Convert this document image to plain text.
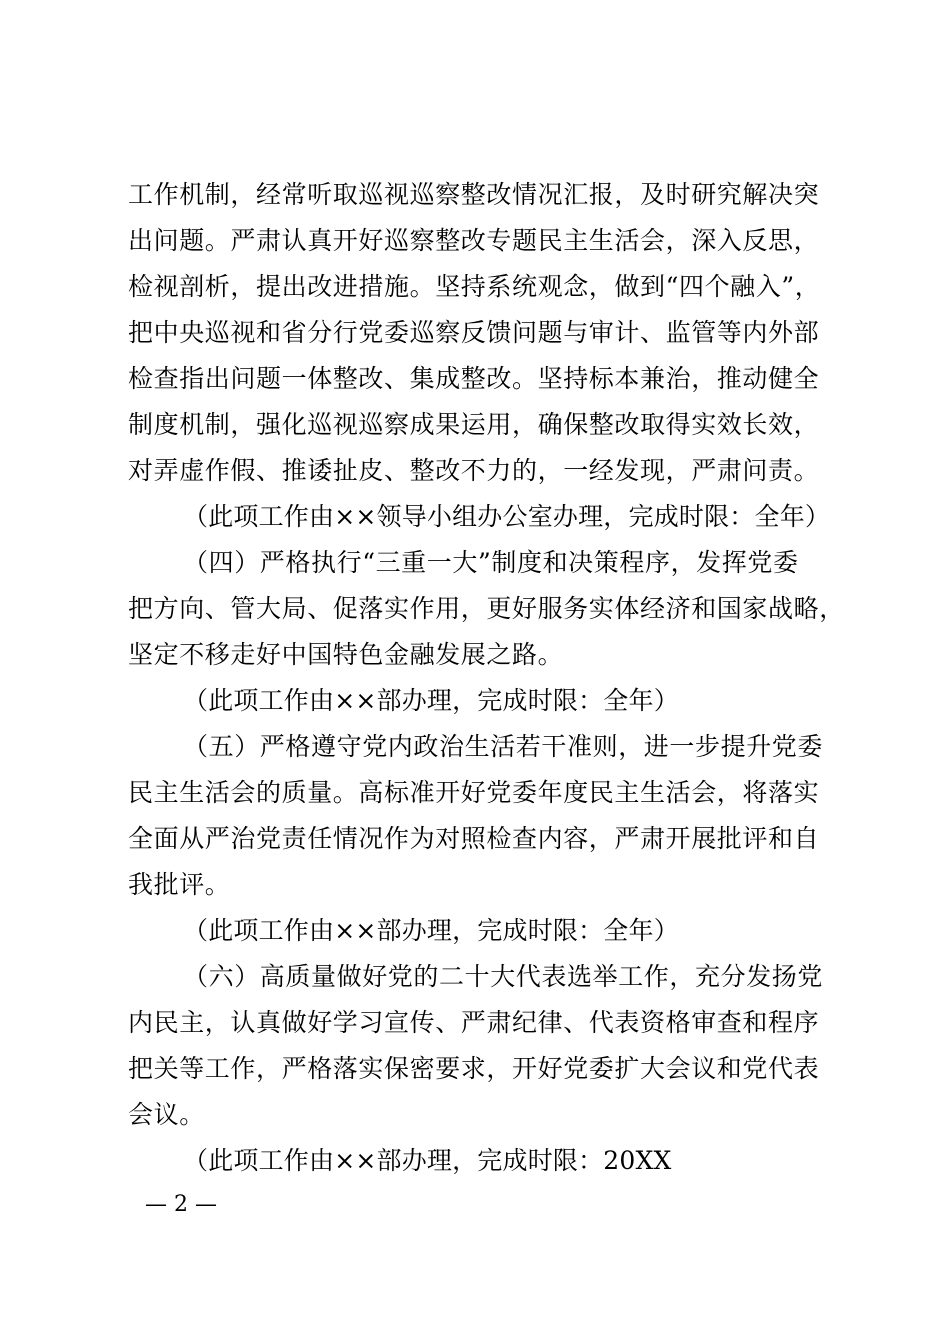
工作机制，经常听取巡视巡察整改情况汇报，及时研究解决突
出问题。严肃认真开好巡察整改专题民主生活会，深入反思，
检视剖析，提出改进措施。坚持系统观念，做到“四个融入”，
把中央巡视和省分行党委巡察反馈问题与审计、监管等内外部
检查指出问题一体整改、集成整改。坚持标本兼治，推动健全
制度机制，强化巡视巡察成果运用，确保整改取得实效长效，
对弄虚作假、推诿扯皮、整改不力的，一经发现，严肃问责。
（此项工作由××领导小组办公室办理，完成时限：全年）
（四）严格执行“三重一大”制度和决策程序，发挥党委
把方向、管大局、促落实作用，更好服务实体经济和国家战略，
坚定不移走好中国特色金融发展之路。
（此项工作由××部办理，完成时限：全年）
（五）严格遵守党内政治生活若干准则，进一步提升党委
民主生活会的质量。高标准开好党委年度民主生活会，将落实
全面从严治党责任情况作为对照检查内容，严肃开展批评和自
我批评。
（此项工作由××部办理，完成时限：全年）
（六）高质量做好党的二十大代表选举工作，充分发扬党
内民主，认真做好学习宣传、严肃纪律、代表资格审查和程序
把关等工作，严格落实保密要求，开好党委扩大会议和党代表
会议。
（此项工作由××部办理，完成时限：20XX
— 2 —
